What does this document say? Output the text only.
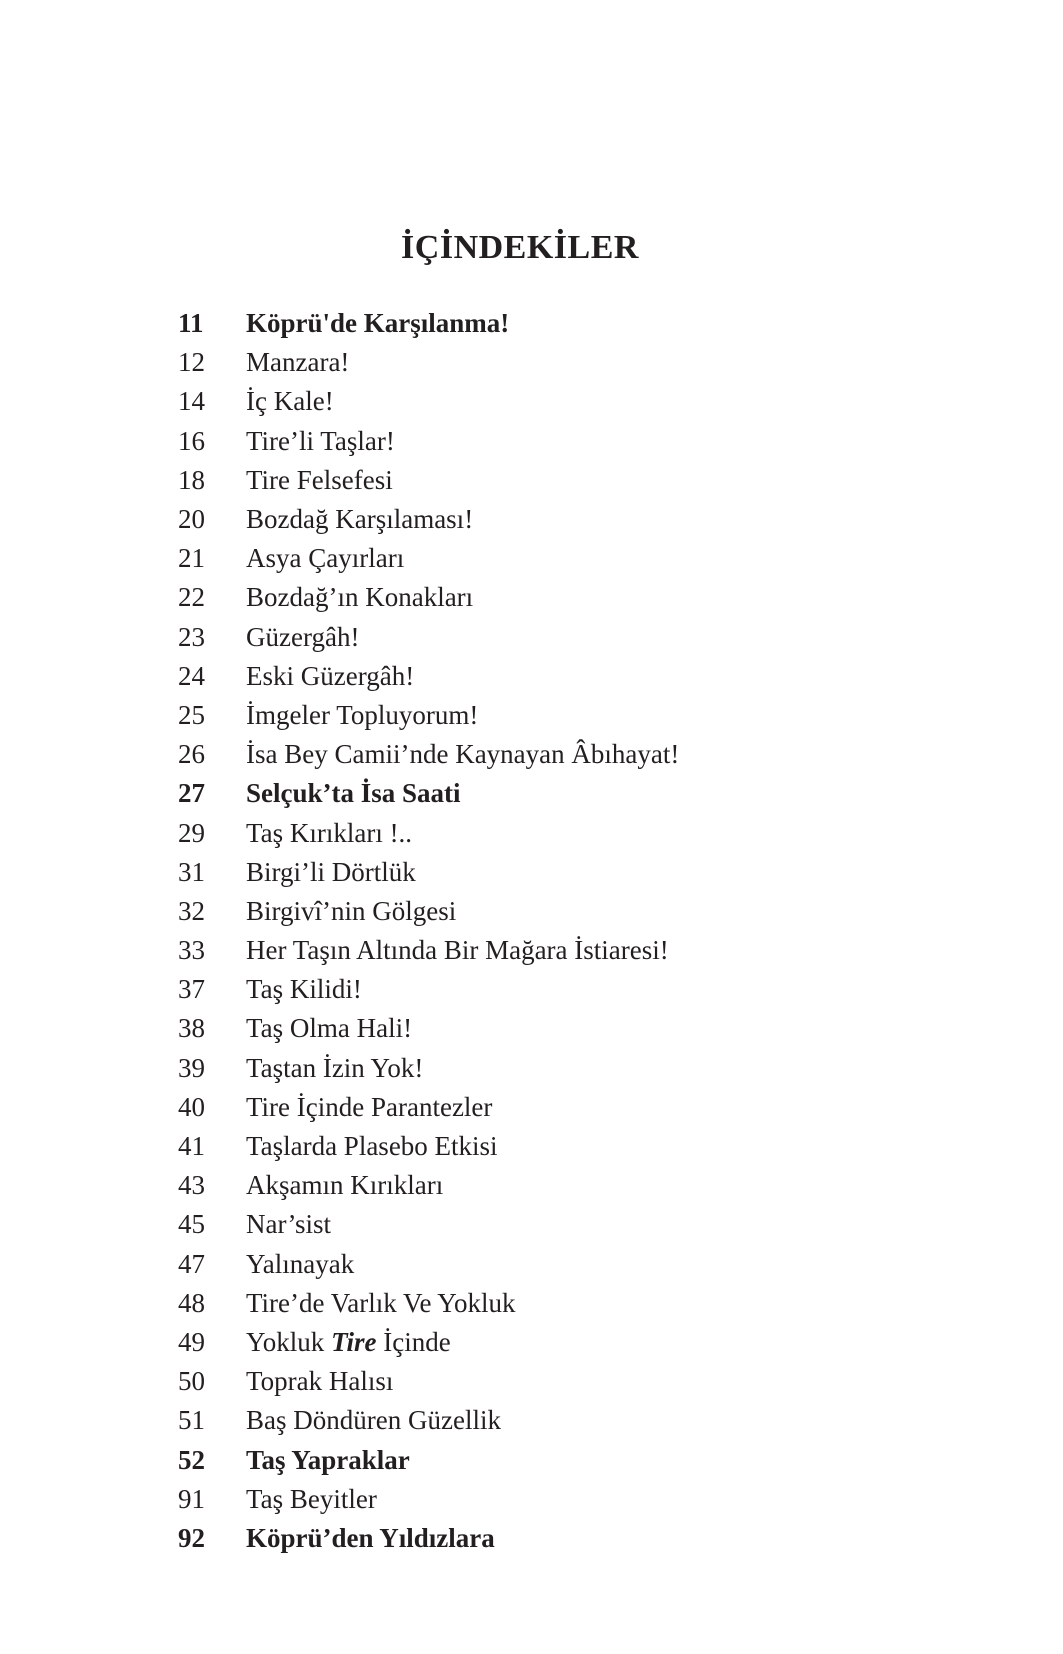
İÇİNDEKİLER
11	Köprü'de Karşılanma!
12	Manzara!
14	İç Kale!
16	Tire’li Taşlar!
18	Tire Felsefesi
20	Bozdağ Karşılaması!
21	Asya Çayırları
22	Bozdağ’ın Konakları
23	Güzergâh!
24	Eski Güzergâh!
25	İmgeler Topluyorum!
26	İsa Bey Camii’nde Kaynayan Âbıhayat!
27	Selçuk’ta İsa Saati
29	Taş Kırıkları !..
31	Birgi’li Dörtlük
32	Birgivî’nin Gölgesi
33	Her Taşın Altında Bir Mağara İstiaresi!
37	Taş Kilidi!
38	Taş Olma Hali!
39	Taştan İzin Yok!
40	Tire İçinde Parantezler
41	Taşlarda Plasebo Etkisi
43	Akşamın Kırıkları
45	Nar’sist
47	Yalınayak
48	Tire’de Varlık Ve Yokluk
49	Yokluk Tire İçinde
50	Toprak Halısı
51	Baş Döndüren Güzellik
52	Taş Yapraklar
91	Taş Beyitler
92	Köprü’den Yıldızlara
